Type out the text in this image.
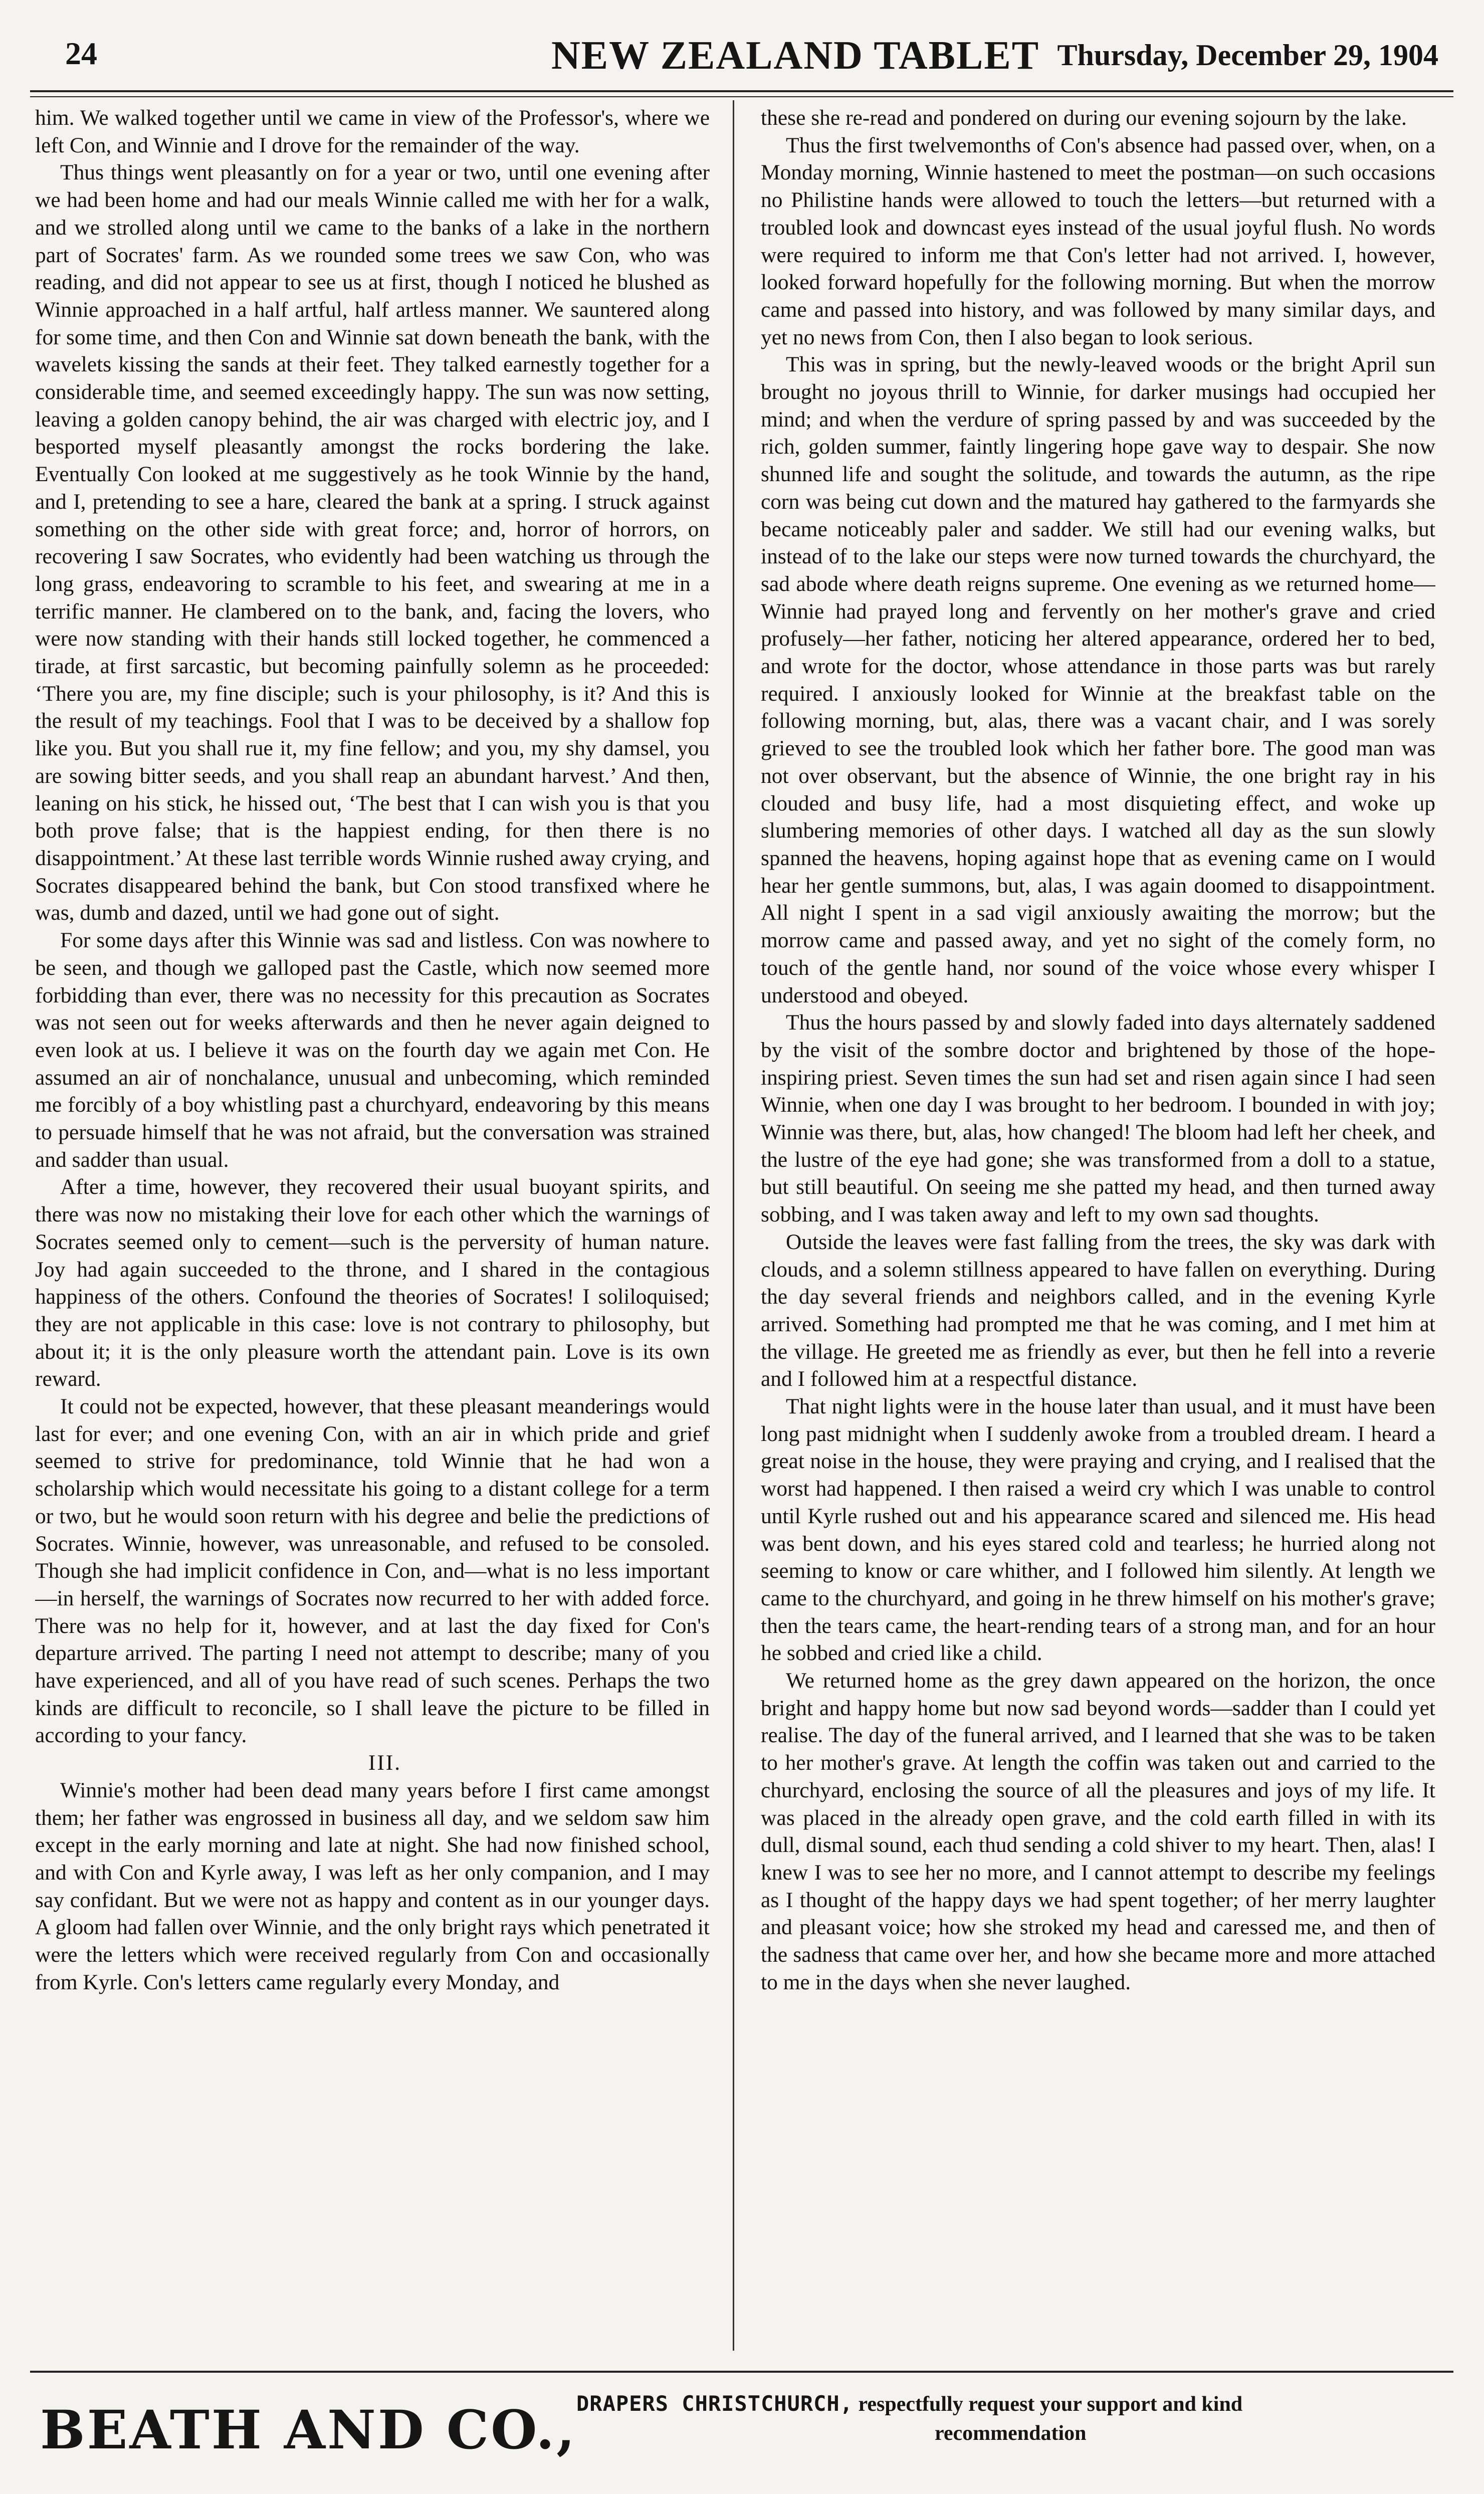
24	NEW ZEALAND TABLET Thursday, December 29, 1904

him. We walked together until we came in view of the Professor's, where we left Con, and Winnie and I drove for the remainder of the way.

Thus things went pleasantly on for a year or two, until one evening after we had been home and had our meals Winnie called me with her for a walk, and we strolled along until we came to the banks of a lake in the northern part of Socrates' farm. As we rounded some trees we saw Con, who was reading, and did not appear to see us at first, though I noticed he blushed as Winnie approached in a half artful, half artless manner. We sauntered along for some time, and then Con and Winnie sat down beneath the bank, with the wavelets kissing the sands at their feet. They talked earnestly together for a considerable time, and seemed exceedingly happy. The sun was now setting, leaving a golden canopy behind, the air was charged with electric joy, and I besported myself pleasantly amongst the rocks bordering the lake. Eventually Con looked at me suggestively as he took Winnie by the hand, and I, pretending to see a hare, cleared the bank at a spring. I struck against something on the other side with great force; and, horror of horrors, on recovering I saw Socrates, who evidently had been watching us through the long grass, endeavoring to scramble to his feet, and swearing at me in a terrific manner. He clambered on to the bank, and, facing the lovers, who were now standing with their hands still locked together, he commenced a tirade, at first sarcastic, but becoming painfully solemn as he proceeded: ‘There you are, my fine disciple; such is your philosophy, is it? And this is the result of my teachings. Fool that I was to be deceived by a shallow fop like you. But you shall rue it, my fine fellow; and you, my shy damsel, you are sowing bitter seeds, and you shall reap an abundant harvest.’ And then, leaning on his stick, he hissed out, ‘The best that I can wish you is that you both prove false; that is the happiest ending, for then there is no disappointment.’ At these last terrible words Winnie rushed away crying, and Socrates disappeared behind the bank, but Con stood transfixed where he was, dumb and dazed, until we had gone out of sight.

For some days after this Winnie was sad and listless. Con was nowhere to be seen, and though we galloped past the Castle, which now seemed more forbidding than ever, there was no necessity for this precaution as Socrates was not seen out for weeks afterwards and then he never again deigned to even look at us. I believe it was on the fourth day we again met Con. He assumed an air of nonchalance, unusual and unbecoming, which reminded me forcibly of a boy whistling past a churchyard, endeavoring by this means to persuade himself that he was not afraid, but the conversation was strained and sadder than usual.

After a time, however, they recovered their usual buoyant spirits, and there was now no mistaking their love for each other which the warnings of Socrates seemed only to cement—such is the perversity of human nature. Joy had again succeeded to the throne, and I shared in the contagious happiness of the others. Confound the theories of Socrates! I soliloquised; they are not applicable in this case: love is not contrary to philosophy, but about it; it is the only pleasure worth the attendant pain. Love is its own reward.

It could not be expected, however, that these pleasant meanderings would last for ever; and one evening Con, with an air in which pride and grief seemed to strive for predominance, told Winnie that he had won a scholarship which would necessitate his going to a distant college for a term or two, but he would soon return with his degree and belie the predictions of Socrates. Winnie, however, was unreasonable, and refused to be consoled. Though she had implicit confidence in Con, and—what is no less important—in herself, the warnings of Socrates now recurred to her with added force. There was no help for it, however, and at last the day fixed for Con's departure arrived. The parting I need not attempt to describe; many of you have experienced, and all of you have read of such scenes. Perhaps the two kinds are difficult to reconcile, so I shall leave the picture to be filled in according to your fancy.

III.

Winnie's mother had been dead many years before I first came amongst them; her father was engrossed in business all day, and we seldom saw him except in the early morning and late at night. She had now finished school, and with Con and Kyrle away, I was left as her only companion, and I may say confidant. But we were not as happy and content as in our younger days. A gloom had fallen over Winnie, and the only bright rays which penetrated it were the letters which were received regularly from Con and occasionally from Kyrle. Con's letters came regularly every Monday, and

these she re-read and pondered on during our evening sojourn by the lake.

Thus the first twelvemonths of Con's absence had passed over, when, on a Monday morning, Winnie hastened to meet the postman—on such occasions no Philistine hands were allowed to touch the letters—but returned with a troubled look and downcast eyes instead of the usual joyful flush. No words were required to inform me that Con's letter had not arrived. I, however, looked forward hopefully for the following morning. But when the morrow came and passed into history, and was followed by many similar days, and yet no news from Con, then I also began to look serious.

This was in spring, but the newly-leaved woods or the bright April sun brought no joyous thrill to Winnie, for darker musings had occupied her mind; and when the verdure of spring passed by and was succeeded by the rich, golden summer, faintly lingering hope gave way to despair. She now shunned life and sought the solitude, and towards the autumn, as the ripe corn was being cut down and the matured hay gathered to the farmyards she became noticeably paler and sadder. We still had our evening walks, but instead of to the lake our steps were now turned towards the churchyard, the sad abode where death reigns supreme. One evening as we returned home—Winnie had prayed long and fervently on her mother's grave and cried profusely—her father, noticing her altered appearance, ordered her to bed, and wrote for the doctor, whose attendance in those parts was but rarely required. I anxiously looked for Winnie at the breakfast table on the following morning, but, alas, there was a vacant chair, and I was sorely grieved to see the troubled look which her father bore. The good man was not over observant, but the absence of Winnie, the one bright ray in his clouded and busy life, had a most disquieting effect, and woke up slumbering memories of other days. I watched all day as the sun slowly spanned the heavens, hoping against hope that as evening came on I would hear her gentle summons, but, alas, I was again doomed to disappointment. All night I spent in a sad vigil anxiously awaiting the morrow; but the morrow came and passed away, and yet no sight of the comely form, no touch of the gentle hand, nor sound of the voice whose every whisper I understood and obeyed.

Thus the hours passed by and slowly faded into days alternately saddened by the visit of the sombre doctor and brightened by those of the hope-inspiring priest. Seven times the sun had set and risen again since I had seen Winnie, when one day I was brought to her bedroom. I bounded in with joy; Winnie was there, but, alas, how changed! The bloom had left her cheek, and the lustre of the eye had gone; she was transformed from a doll to a statue, but still beautiful. On seeing me she patted my head, and then turned away sobbing, and I was taken away and left to my own sad thoughts.

Outside the leaves were fast falling from the trees, the sky was dark with clouds, and a solemn stillness appeared to have fallen on everything. During the day several friends and neighbors called, and in the evening Kyrle arrived. Something had prompted me that he was coming, and I met him at the village. He greeted me as friendly as ever, but then he fell into a reverie and I followed him at a respectful distance.

That night lights were in the house later than usual, and it must have been long past midnight when I suddenly awoke from a troubled dream. I heard a great noise in the house, they were praying and crying, and I realised that the worst had happened. I then raised a weird cry which I was unable to control until Kyrle rushed out and his appearance scared and silenced me. His head was bent down, and his eyes stared cold and tearless; he hurried along not seeming to know or care whither, and I followed him silently. At length we came to the churchyard, and going in he threw himself on his mother's grave; then the tears came, the heart-rending tears of a strong man, and for an hour he sobbed and cried like a child.

We returned home as the grey dawn appeared on the horizon, the once bright and happy home but now sad beyond words—sadder than I could yet realise. The day of the funeral arrived, and I learned that she was to be taken to her mother's grave. At length the coffin was taken out and carried to the churchyard, enclosing the source of all the pleasures and joys of my life. It was placed in the already open grave, and the cold earth filled in with its dull, dismal sound, each thud sending a cold shiver to my heart. Then, alas! I knew I was to see her no more, and I cannot attempt to describe my feelings as I thought of the happy days we had spent together; of her merry laughter and pleasant voice; how she stroked my head and caressed me, and then of the sadness that came over her, and how she became more and more attached to me in the days when she never laughed.

BEATH AND CO.,
DRAPERS CHRISTCHURCH, respectfully request your support and kind
recommendation
